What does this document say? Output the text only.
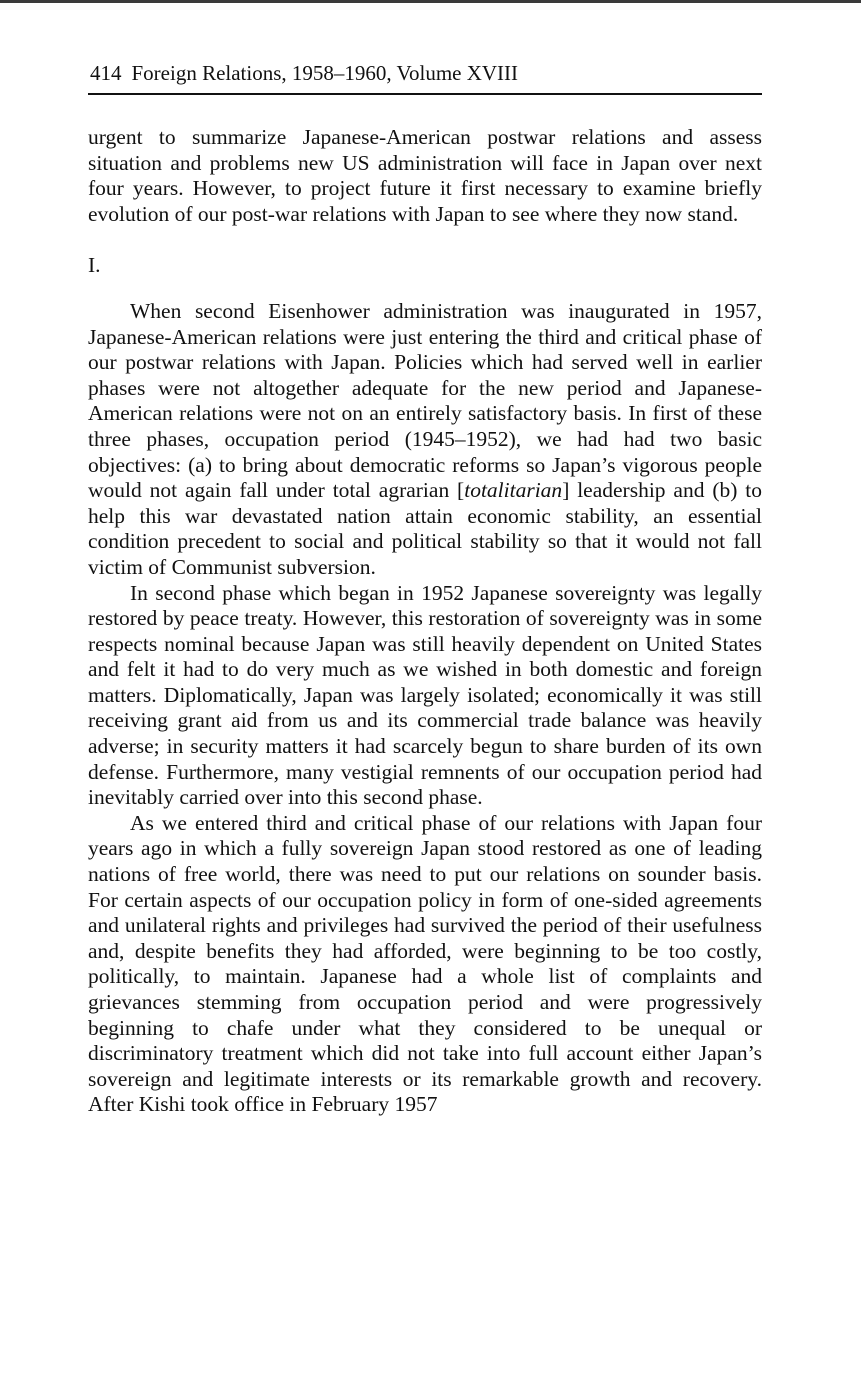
414 Foreign Relations, 1958–1960, Volume XVIII

urgent to summarize Japanese-American postwar relations and assess situation and problems new US administration will face in Japan over next four years. However, to project future it first necessary to examine briefly evolution of our post-war relations with Japan to see where they now stand.

I.

When second Eisenhower administration was inaugurated in 1957, Japanese-American relations were just entering the third and critical phase of our postwar relations with Japan. Policies which had served well in earlier phases were not altogether adequate for the new period and Japanese-American relations were not on an entirely satisfactory basis. In first of these three phases, occupation period (1945–1952), we had had two basic objectives: (a) to bring about democratic reforms so Japan’s vigorous people would not again fall under total agrarian [totalitarian] leadership and (b) to help this war devastated nation attain economic stability, an essential condition precedent to social and political stability so that it would not fall victim of Communist subversion.

In second phase which began in 1952 Japanese sovereignty was legally restored by peace treaty. However, this restoration of sovereignty was in some respects nominal because Japan was still heavily dependent on United States and felt it had to do very much as we wished in both domestic and foreign matters. Diplomatically, Japan was largely isolated; economically it was still receiving grant aid from us and its commercial trade balance was heavily adverse; in security matters it had scarcely begun to share burden of its own defense. Furthermore, many vestigial remnents of our occupation period had inevitably carried over into this second phase.

As we entered third and critical phase of our relations with Japan four years ago in which a fully sovereign Japan stood restored as one of leading nations of free world, there was need to put our relations on sounder basis. For certain aspects of our occupation policy in form of one-sided agreements and unilateral rights and privileges had survived the period of their usefulness and, despite benefits they had afforded, were beginning to be too costly, politically, to maintain. Japanese had a whole list of complaints and grievances stemming from occupation period and were progressively beginning to chafe under what they considered to be unequal or discriminatory treatment which did not take into full account either Japan’s sovereign and legitimate interests or its remarkable growth and recovery. After Kishi took office in February 1957
